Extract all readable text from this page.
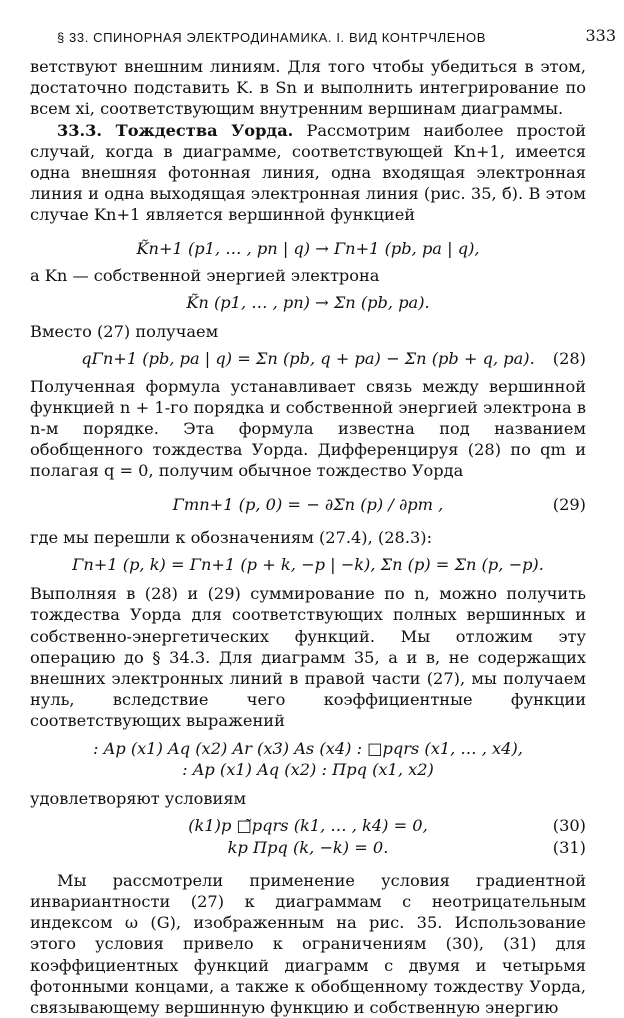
§ 33. СПИНОРНАЯ ЭЛЕКТРОДИНАМИКА. I. ВИД КОНТРЧЛЕНОВ	333

ветствуют внешним линиям. Для того чтобы убедиться в этом, достаточно подставить K. в Sn и выполнить интегрирование по всем xi, соответствующим внутренним вершинам диаграммы.

33.3. Тождества Уорда. Рассмотрим наиболее простой случай, когда в диаграмме, соответствующей Kn+1, имеется одна внешняя фотонная линия, одна входящая электронная линия и одна выходящая электронная линия (рис. 35, б). В этом случае Kn+1 является вершинной функцией

K̃n+1 (p1, … , pn | q) → Γn+1 (pb, pa | q),

а Kn — собственной энергией электрона

K̃n (p1, … , pn) → Σn (pb, pa).

Вместо (27) получаем

qΓn+1 (pb, pa | q) = Σn (pb, q + pa) − Σn (pb + q, pa).	(28)

Полученная формула устанавливает связь между вершинной функцией n + 1-го порядка и собственной энергией электрона в n-м порядке. Эта формула известна под названием обобщенного тождества Уорда. Дифференцируя (28) по qm и полагая q = 0, получим обычное тождество Уорда

Γmn+1 (p, 0) = − ∂Σn (p) / ∂pm ,	(29)

где мы перешли к обозначениям (27.4), (28.3):

Γn+1 (p, k) = Γn+1 (p + k, −p | −k), Σn (p) = Σn (p, −p).

Выполняя в (28) и (29) суммирование по n, можно получить тождества Уорда для соответствующих полных вершинных и собственно-энергетических функций. Мы отложим эту операцию до § 34.3. Для диаграмм 35, а и в, не содержащих внешних электронных линий в правой части (27), мы получаем нуль, вследствие чего коэффициентные функции соответствующих выражений

: Ap (x1) Aq (x2) Ar (x3) As (x4) : □pqrs (x1, … , x4),
: Ap (x1) Aq (x2) : Πpq (x1, x2)

удовлетворяют условиям

(k1)p □̃pqrs (k1, … , k4) = 0,	(30)
kp Πpq (k, −k) = 0.	(31)

Мы рассмотрели применение условия градиентной инвариантности (27) к диаграммам с неотрицательным индексом ω (G), изображенным на рис. 35. Использование этого условия привело к ограничениям (30), (31) для коэффициентных функций диаграмм с двумя и четырьмя фотонными концами, а также к обобщенному тождеству Уорда, связывающему вершинную функцию и собственную энергию
